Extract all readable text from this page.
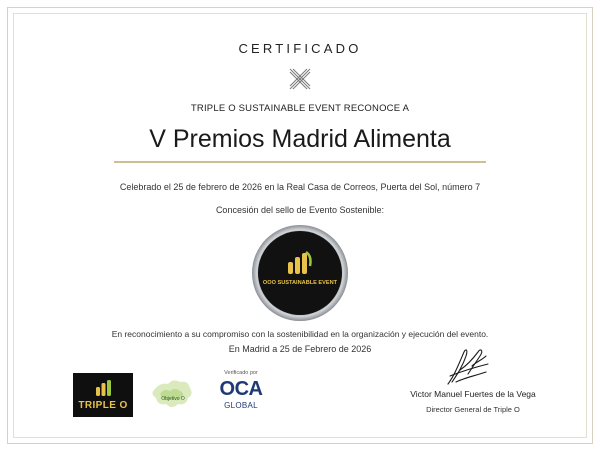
CERTIFICADO
TRIPLE O SUSTAINABLE EVENT RECONOCE A
V Premios Madrid Alimenta
Celebrado el 25 de febrero de 2026 en la Real Casa de Correos, Puerta del Sol, número 7
Concesión del sello de Evento Sostenible:
OOO SUSTAINABLE EVENT
En reconocimiento a su compromiso con la sostenibilidad en la organización y ejecución del evento.
En Madrid a 25 de Febrero de 2026
TRIPLE O
Objetivo O
Verificado por
OCA
GLOBAL
Victor Manuel Fuertes de la Vega
Director General de Triple O
